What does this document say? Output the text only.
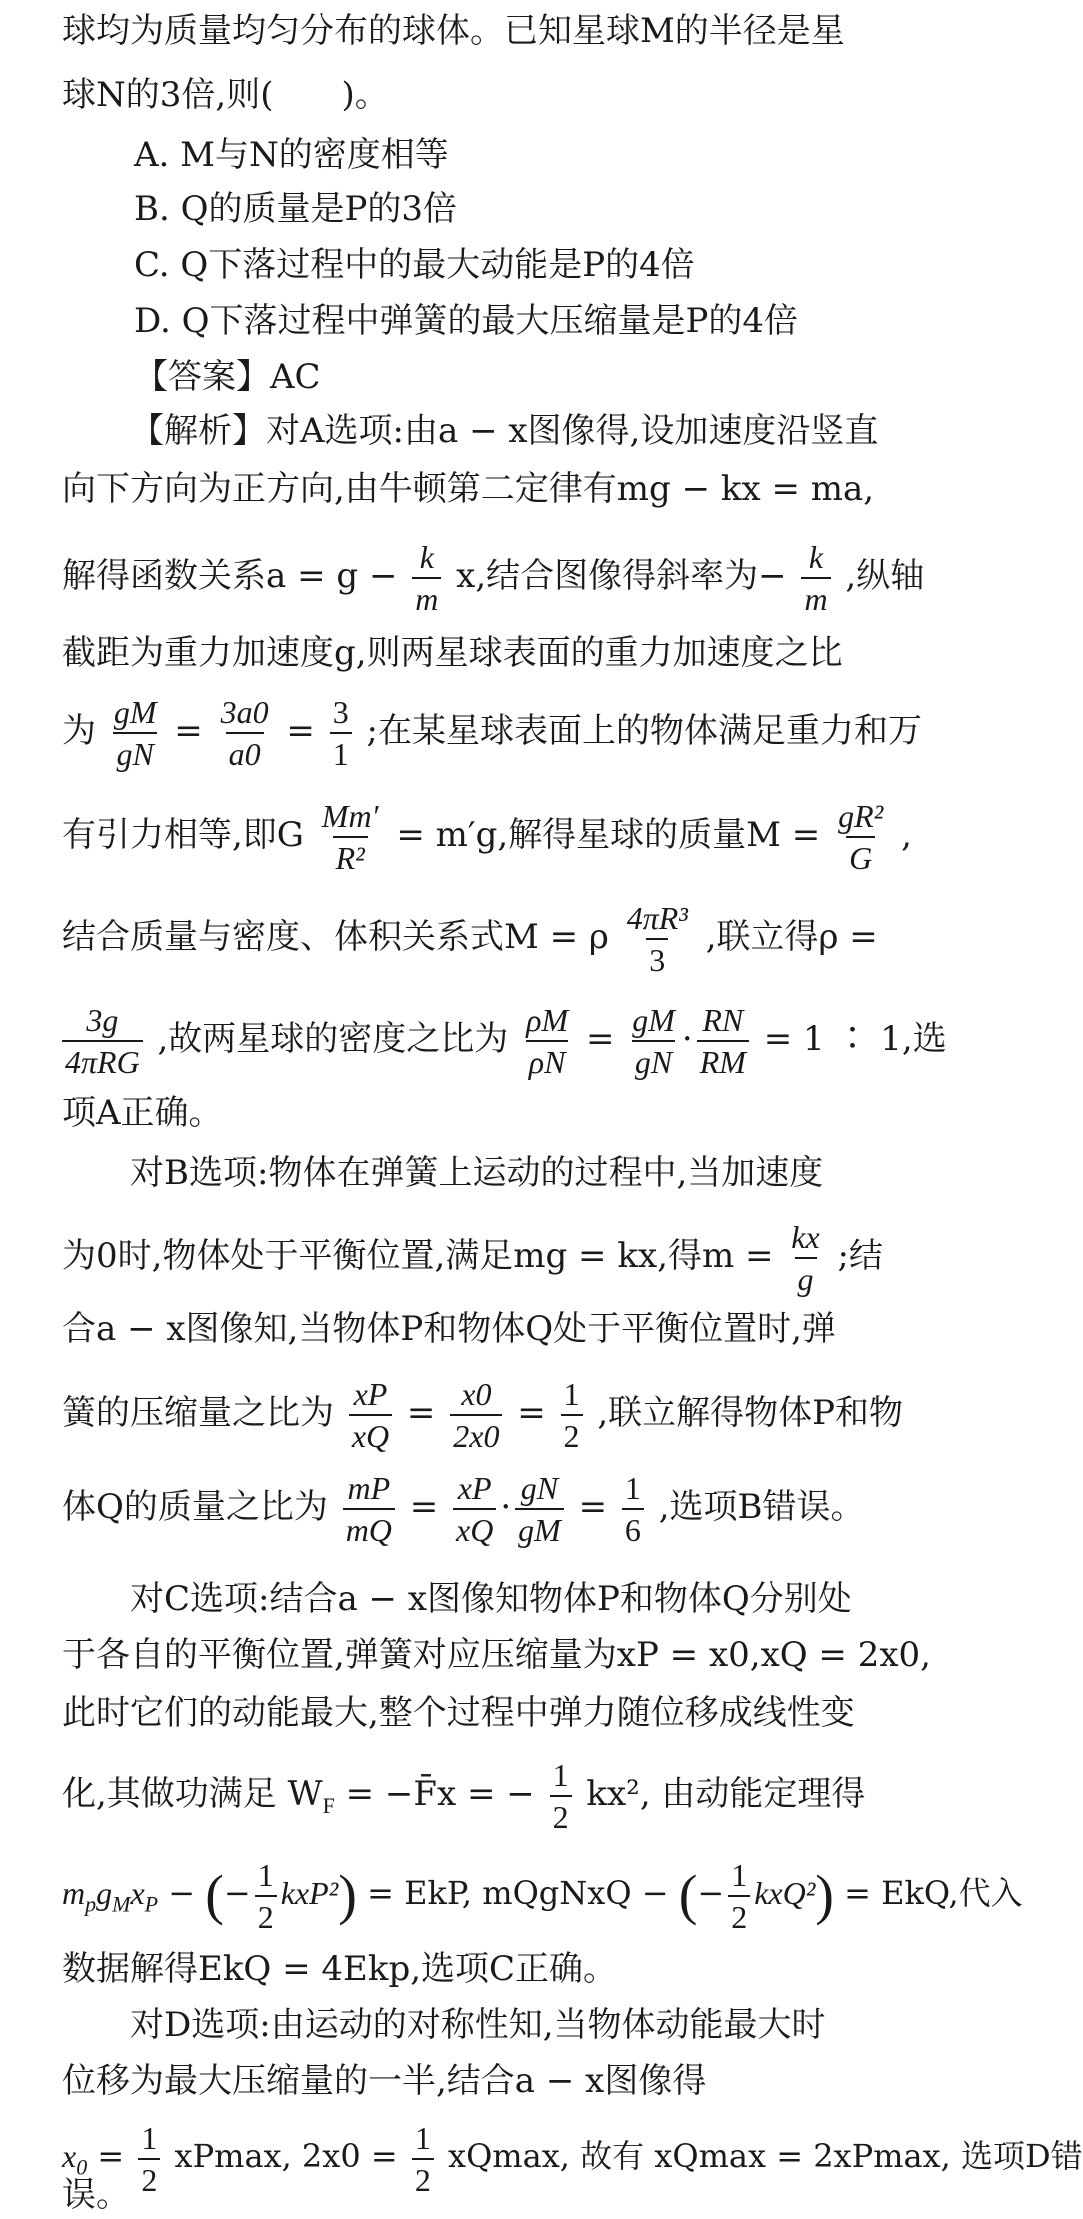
球均为质量均匀分布的球体。已知星球M的半径是星
球N的3倍,则(　　)。
A. M与N的密度相等
B. Q的质量是P的3倍
C. Q下落过程中的最大动能是P的4倍
D. Q下落过程中弹簧的最大压缩量是P的4倍
【答案】AC
【解析】对A选项:由a − x图像得,设加速度沿竖直
向下方向为正方向,由牛顿第二定律有mg − kx = ma,
解得函数关系$a = g - \frac{k}{m} x$,结合图像得斜率为− $\frac{k}{m}$ ,纵轴
截距为重力加速度g,则两星球表面的重力加速度之比
为 $\frac{gM}{gN} = \frac{3a0}{a0} = \frac{3}{1}$ ;在某星球表面上的物体满足重力和万
有引力相等,即G $\frac{Mm'}{\text{R²}} = m'g$,解得星球的质量$M = \frac{\text{gR²}}{G}$ ,
结合质量与密度、体积关系式M = ρ $\frac{\text{4πR³}}{3}$ ,联立得ρ =
$\frac{3g}{\text{4πRG}}$ ,故两星球的密度之比为 $\frac{\rho M}{\rho N} = \frac{gM}{gN} \cdot \frac{RN}{RM} = 1$ ∶ 1,选
项A正确。
对B选项:物体在弹簧上运动的过程中,当加速度
为0时,物体处于平衡位置,满足mg = kx,得$m = \frac{kx}{g}$ ;结
合a − x图像知,当物体P和物体Q处于平衡位置时,弹
簧的压缩量之比为 $\frac{xP}{xQ} = \frac{x0}{2x0} = \frac{1}{2}$ ,联立解得物体P和物
体Q的质量之比为 $\frac{mP}{mQ} = \frac{xP}{xQ} \cdot \frac{gN}{gM} = \frac{1}{6}$ ,选项B错误。
对C选项:结合a − x图像知物体P和物体Q分别处
于各自的平衡位置,弹簧对应压缩量为xP = x0,xQ = 2x0,
此时它们的动能最大,整个过程中弹力随位移成线性变
化,其做功满足 $W_F$ = −F̄x = − $\frac{1}{2} kx^2$, 由动能定理得
$m_pg_Mx_P$ − (− $\frac{1}{2} kxP^2$) = EkP, mQgNxQ − (− $\frac{1}{2} kxQ^2$) = EkQ,代入
数据解得EkQ = 4Ekp,选项C正确。
对D选项:由运动的对称性知,当物体动能最大时
位移为最大压缩量的一半,结合a − x图像得
$x_0 = \frac{1}{2} xPmax$, $2x0 = \frac{1}{2} xQmax$, 故有 xQmax = 2xPmax, 选项D错
误。
